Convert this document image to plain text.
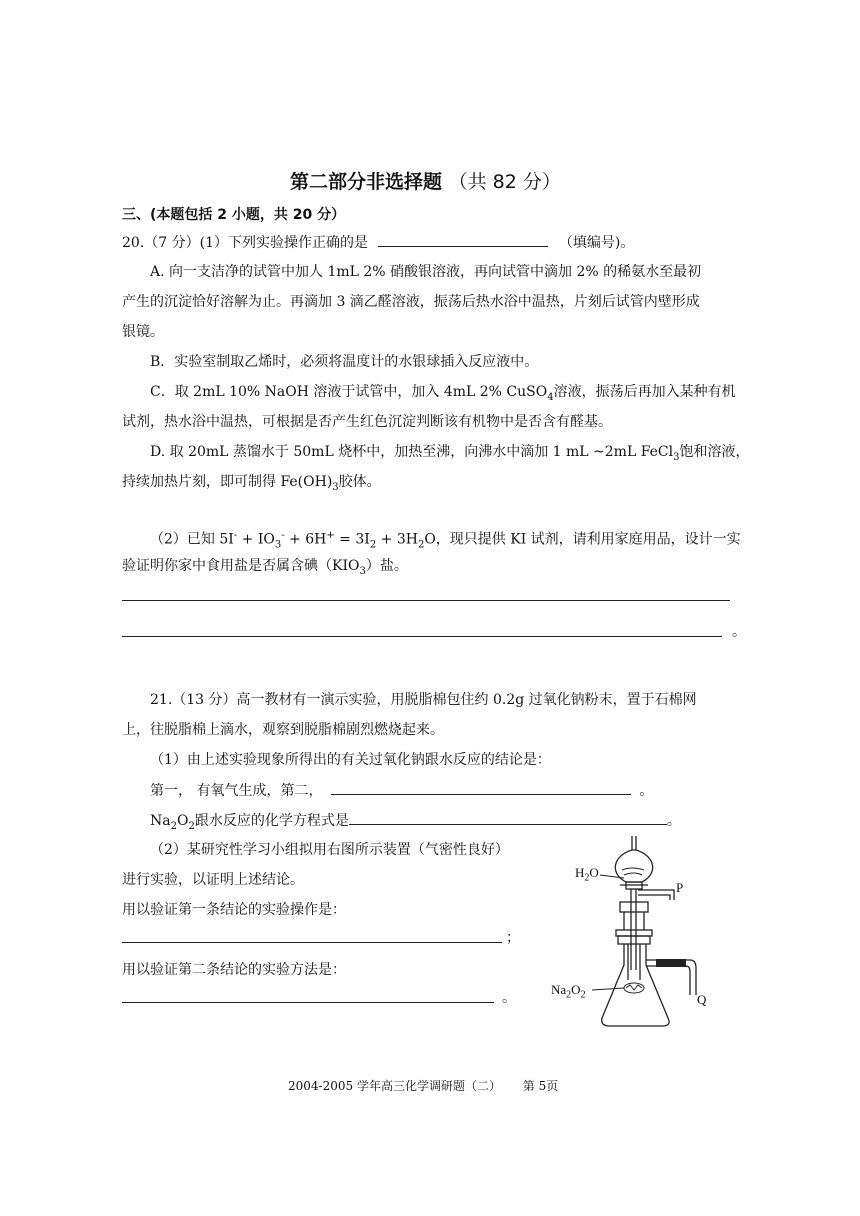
第二部分非选择题 （共 82 分）
三、(本题包括 2 小题，共 20 分）
20.（7 分）(1）下列实验操作正确的是	（填编号)。
A. 向一支洁净的试管中加人 1mL 2% 硝酸银溶液，再向试管中滴加 2% 的稀氨水至最初
产生的沉淀恰好溶解为止。再滴加 3 滴乙醛溶液，振荡后热水浴中温热，片刻后试管内壁形成
银镜。
B．实验室制取乙烯时，必须将温度计的水银球插入反应液中。
C．取 2mL 10% NaOH 溶液于试管中，加入 4mL 2% CuSO$_4$溶液，振荡后再加入某种有机
试剂，热水浴中温热，可根据是否产生红色沉淀判断该有机物中是否含有醛基。
D. 取 20mL 蒸馏水于 50mL 烧杯中，加热至沸，向沸水中滴加 1 mL ~2mL FeCl$_3$饱和溶液，
持续加热片刻，即可制得 $Fe(OH)_3$胶体。
（2）已知 $5I^- + IO_3^- + 6H^+ = 3I_2 + 3H_2O$，现只提供 KI 试剂，请利用家庭用品，设计一实
验证明你家中食用盐是否属含碘$(KIO_3)$盐。
。
21.（13 分）高一教材有一演示实验，用脱脂棉包住约 0.2g 过氧化钠粉末，置于石棉网
上，往脱脂棉上滴水，观察到脱脂棉剧烈燃烧起来。
（1）由上述实验现象所得出的有关过氧化钠跟水反应的结论是：
第一， 有氧气生成，第二，	。
$Na_2O_2$跟水反应的化学方程式是	。
（2）某研究性学习小组拟用右图所示装置（气密性良好）
进行实验，以证明上述结论。
用以验证第一条结论的实验操作是：
；
用以验证第二条结论的实验方法是：
。
$H_2O$
P
$Na_2O_2$	Q
2004-2005 学年高三化学调研题（二） 第 5页
